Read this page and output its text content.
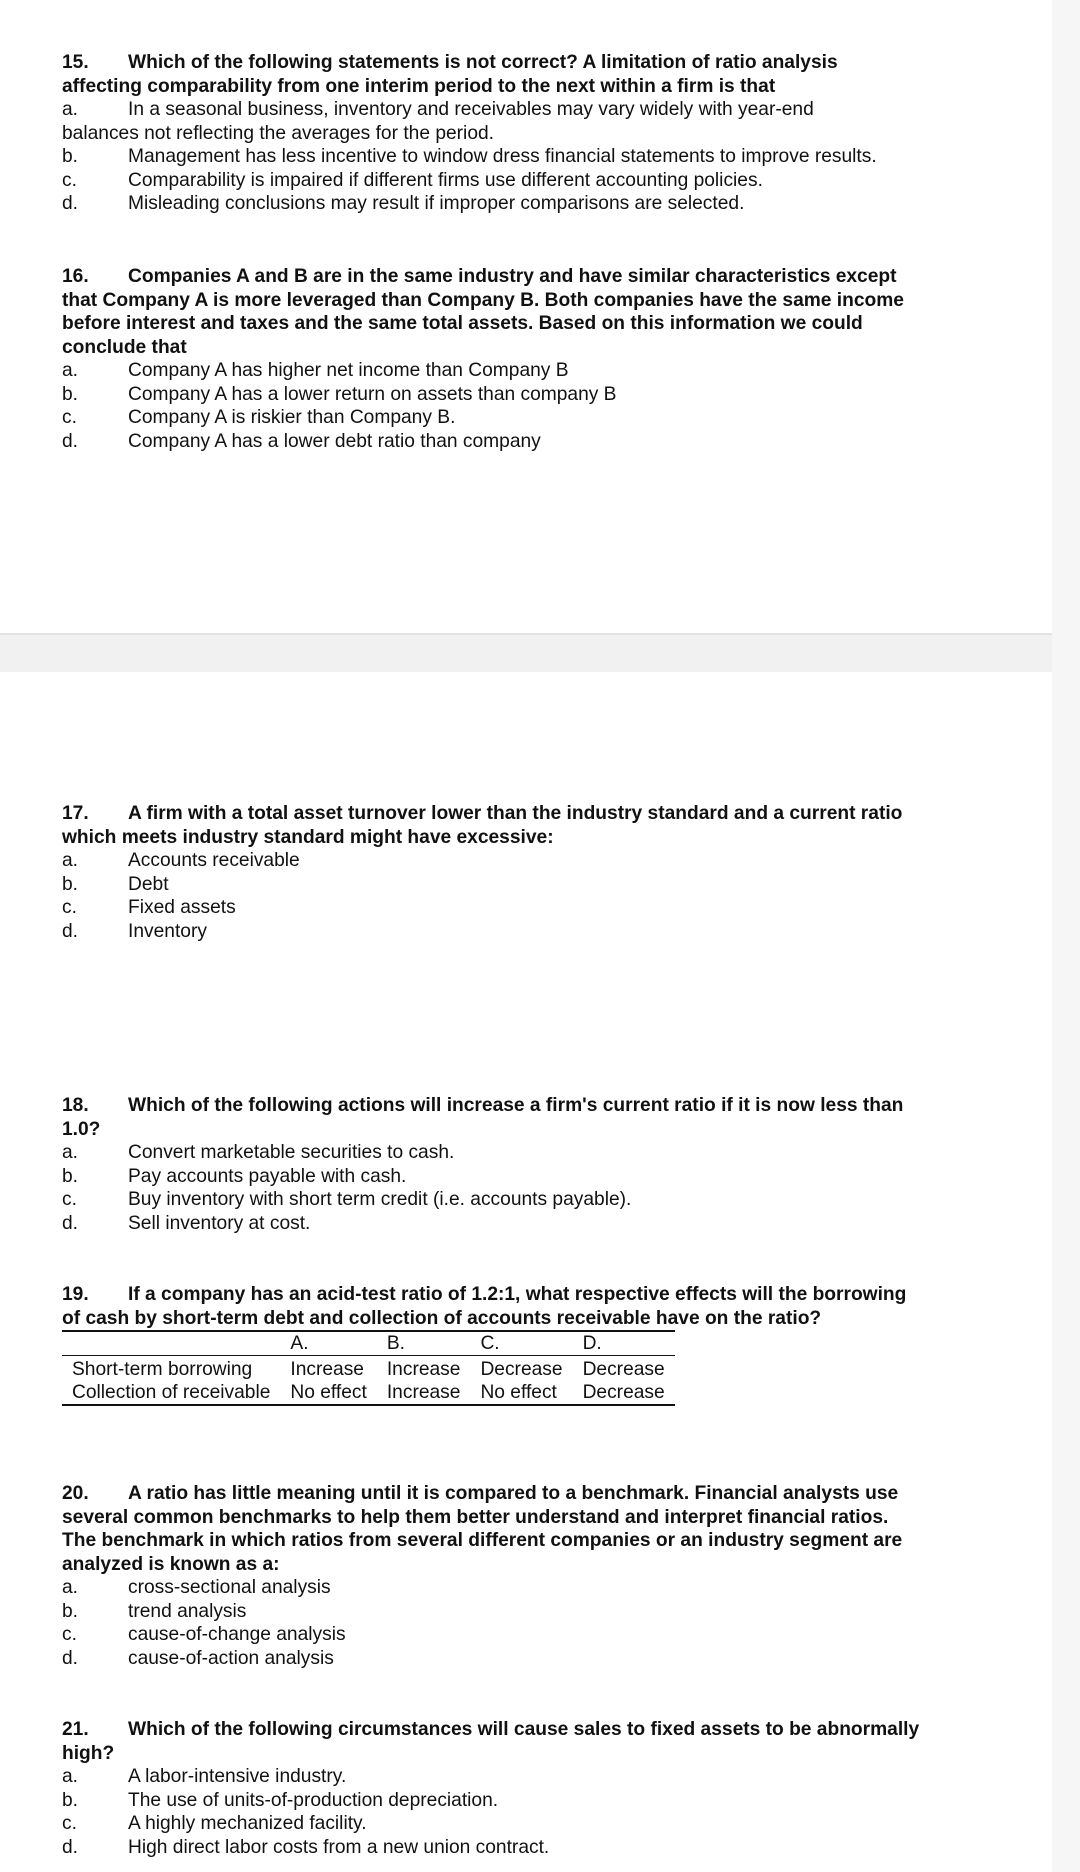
15. Which of the following statements is not correct? A limitation of ratio analysis affecting comparability from one interim period to the next within a firm is that
a.	In a seasonal business, inventory and receivables may vary widely with year-end
balances not reflecting the averages for the period.
b.	Management has less incentive to window dress financial statements to improve results.
c.	Comparability is impaired if different firms use different accounting policies.
d.	Misleading conclusions may result if improper comparisons are selected.
16. Companies A and B are in the same industry and have similar characteristics except that Company A is more leveraged than Company B. Both companies have the same income before interest and taxes and the same total assets. Based on this information we could conclude that
a.	Company A has higher net income than Company B
b.	Company A has a lower return on assets than company B
c.	Company A is riskier than Company B.
d.	Company A has a lower debt ratio than company
17. A firm with a total asset turnover lower than the industry standard and a current ratio which meets industry standard might have excessive:
a.	Accounts receivable
b.	Debt
c.	Fixed assets
d.	Inventory
18. Which of the following actions will increase a firm's current ratio if it is now less than 1.0?
a.	Convert marketable securities to cash.
b.	Pay accounts payable with cash.
c.	Buy inventory with short term credit (i.e. accounts payable).
d.	Sell inventory at cost.
19. If a company has an acid-test ratio of 1.2:1, what respective effects will the borrowing of cash by short-term debt and collection of accounts receivable have on the ratio?
	A.	B.	C.	D.
Short-term borrowing	Increase	Increase	Decrease	Decrease
Collection of receivable	No effect	Increase	No effect	Decrease
20. A ratio has little meaning until it is compared to a benchmark. Financial analysts use several common benchmarks to help them better understand and interpret financial ratios. The benchmark in which ratios from several different companies or an industry segment are analyzed is known as a:
a.	cross-sectional analysis
b.	trend analysis
c.	cause-of-change analysis
d.	cause-of-action analysis
21. Which of the following circumstances will cause sales to fixed assets to be abnormally high?
a.	A labor-intensive industry.
b.	The use of units-of-production depreciation.
c.	A highly mechanized facility.
d.	High direct labor costs from a new union contract.
